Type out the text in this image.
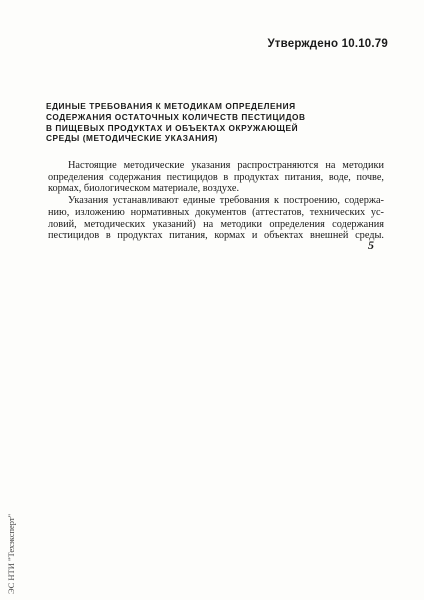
Утверждено 10.10.79
ЕДИНЫЕ ТРЕБОВАНИЯ К МЕТОДИКАМ ОПРЕДЕЛЕНИЯ
СОДЕРЖАНИЯ ОСТАТОЧНЫХ КОЛИЧЕСТВ ПЕСТИЦИДОВ
В ПИЩЕВЫХ ПРОДУКТАХ И ОБЪЕКТАХ ОКРУЖАЮЩЕЙ
СРЕДЫ (МЕТОДИЧЕСКИЕ УКАЗАНИЯ)

Настоящие методические указания распространяются на методики
определения содержания пестицидов в продуктах питания, воде, почве,
кормах, биологическом материале, воздухе.

Указания устанавливают единые требования к построению, содержа-
нию, изложению нормативных документов (аттестатов, технических ус-
ловий, методических указаний) на методики определения содержания
пестицидов в продуктах питания, кормах и объектах внешней среды.

5
ЭС НТИ "Техэксперт"
